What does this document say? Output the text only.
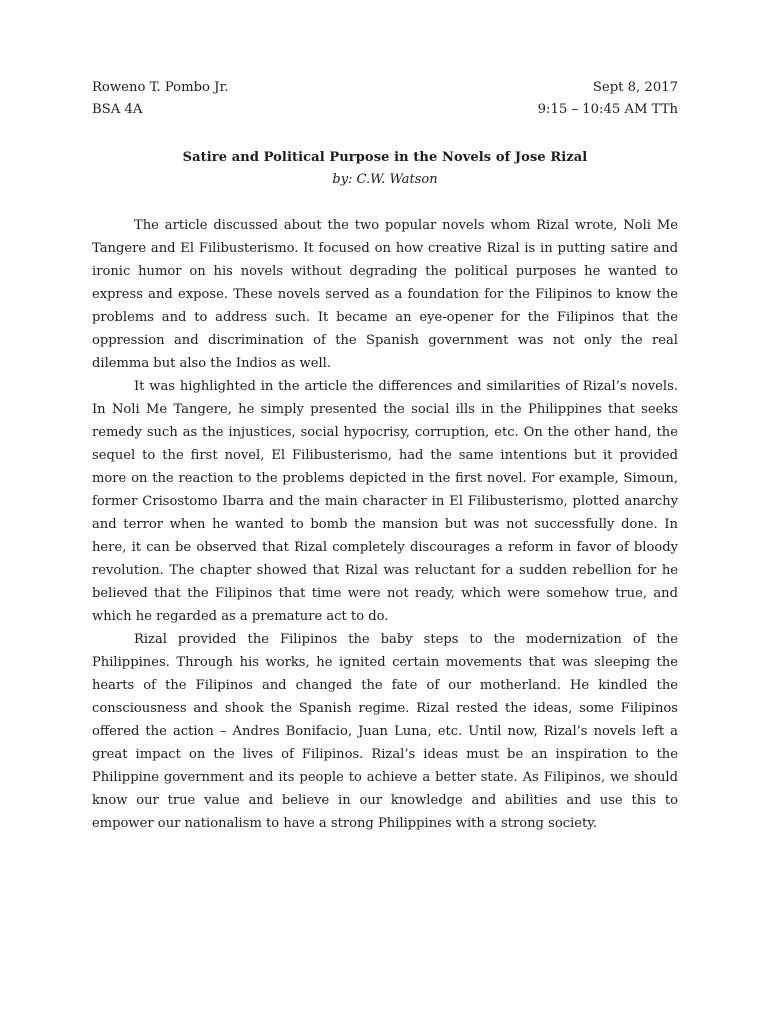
Roweno T. Pombo Jr.	Sept 8, 2017
BSA 4A	9:15 – 10:45 AM TTh
Satire and Political Purpose in the Novels of Jose Rizal
by: C.W. Watson

The article discussed about the two popular novels whom Rizal wrote, Noli Me Tangere and El Filibusterismo. It focused on how creative Rizal is in putting satire and ironic humor on his novels without degrading the political purposes he wanted to express and expose. These novels served as a foundation for the Filipinos to know the problems and to address such. It became an eye-opener for the Filipinos that the oppression and discrimination of the Spanish government was not only the real dilemma but also the Indios as well.

It was highlighted in the article the differences and similarities of Rizal’s novels. In Noli Me Tangere, he simply presented the social ills in the Philippines that seeks remedy such as the injustices, social hypocrisy, corruption, etc. On the other hand, the sequel to the first novel, El Filibusterismo, had the same intentions but it provided more on the reaction to the problems depicted in the first novel. For example, Simoun, former Crisostomo Ibarra and the main character in El Filibusterismo, plotted anarchy and terror when he wanted to bomb the mansion but was not successfully done. In here, it can be observed that Rizal completely discourages a reform in favor of bloody revolution. The chapter showed that Rizal was reluctant for a sudden rebellion for he believed that the Filipinos that time were not ready, which were somehow true, and which he regarded as a premature act to do.

Rizal provided the Filipinos the baby steps to the modernization of the Philippines. Through his works, he ignited certain movements that was sleeping the hearts of the Filipinos and changed the fate of our motherland. He kindled the consciousness and shook the Spanish regime. Rizal rested the ideas, some Filipinos offered the action – Andres Bonifacio, Juan Luna, etc. Until now, Rizal’s novels left a great impact on the lives of Filipinos. Rizal’s ideas must be an inspiration to the Philippine government and its people to achieve a better state. As Filipinos, we should know our true value and believe in our knowledge and abilities and use this to empower our nationalism to have a strong Philippines with a strong society.
